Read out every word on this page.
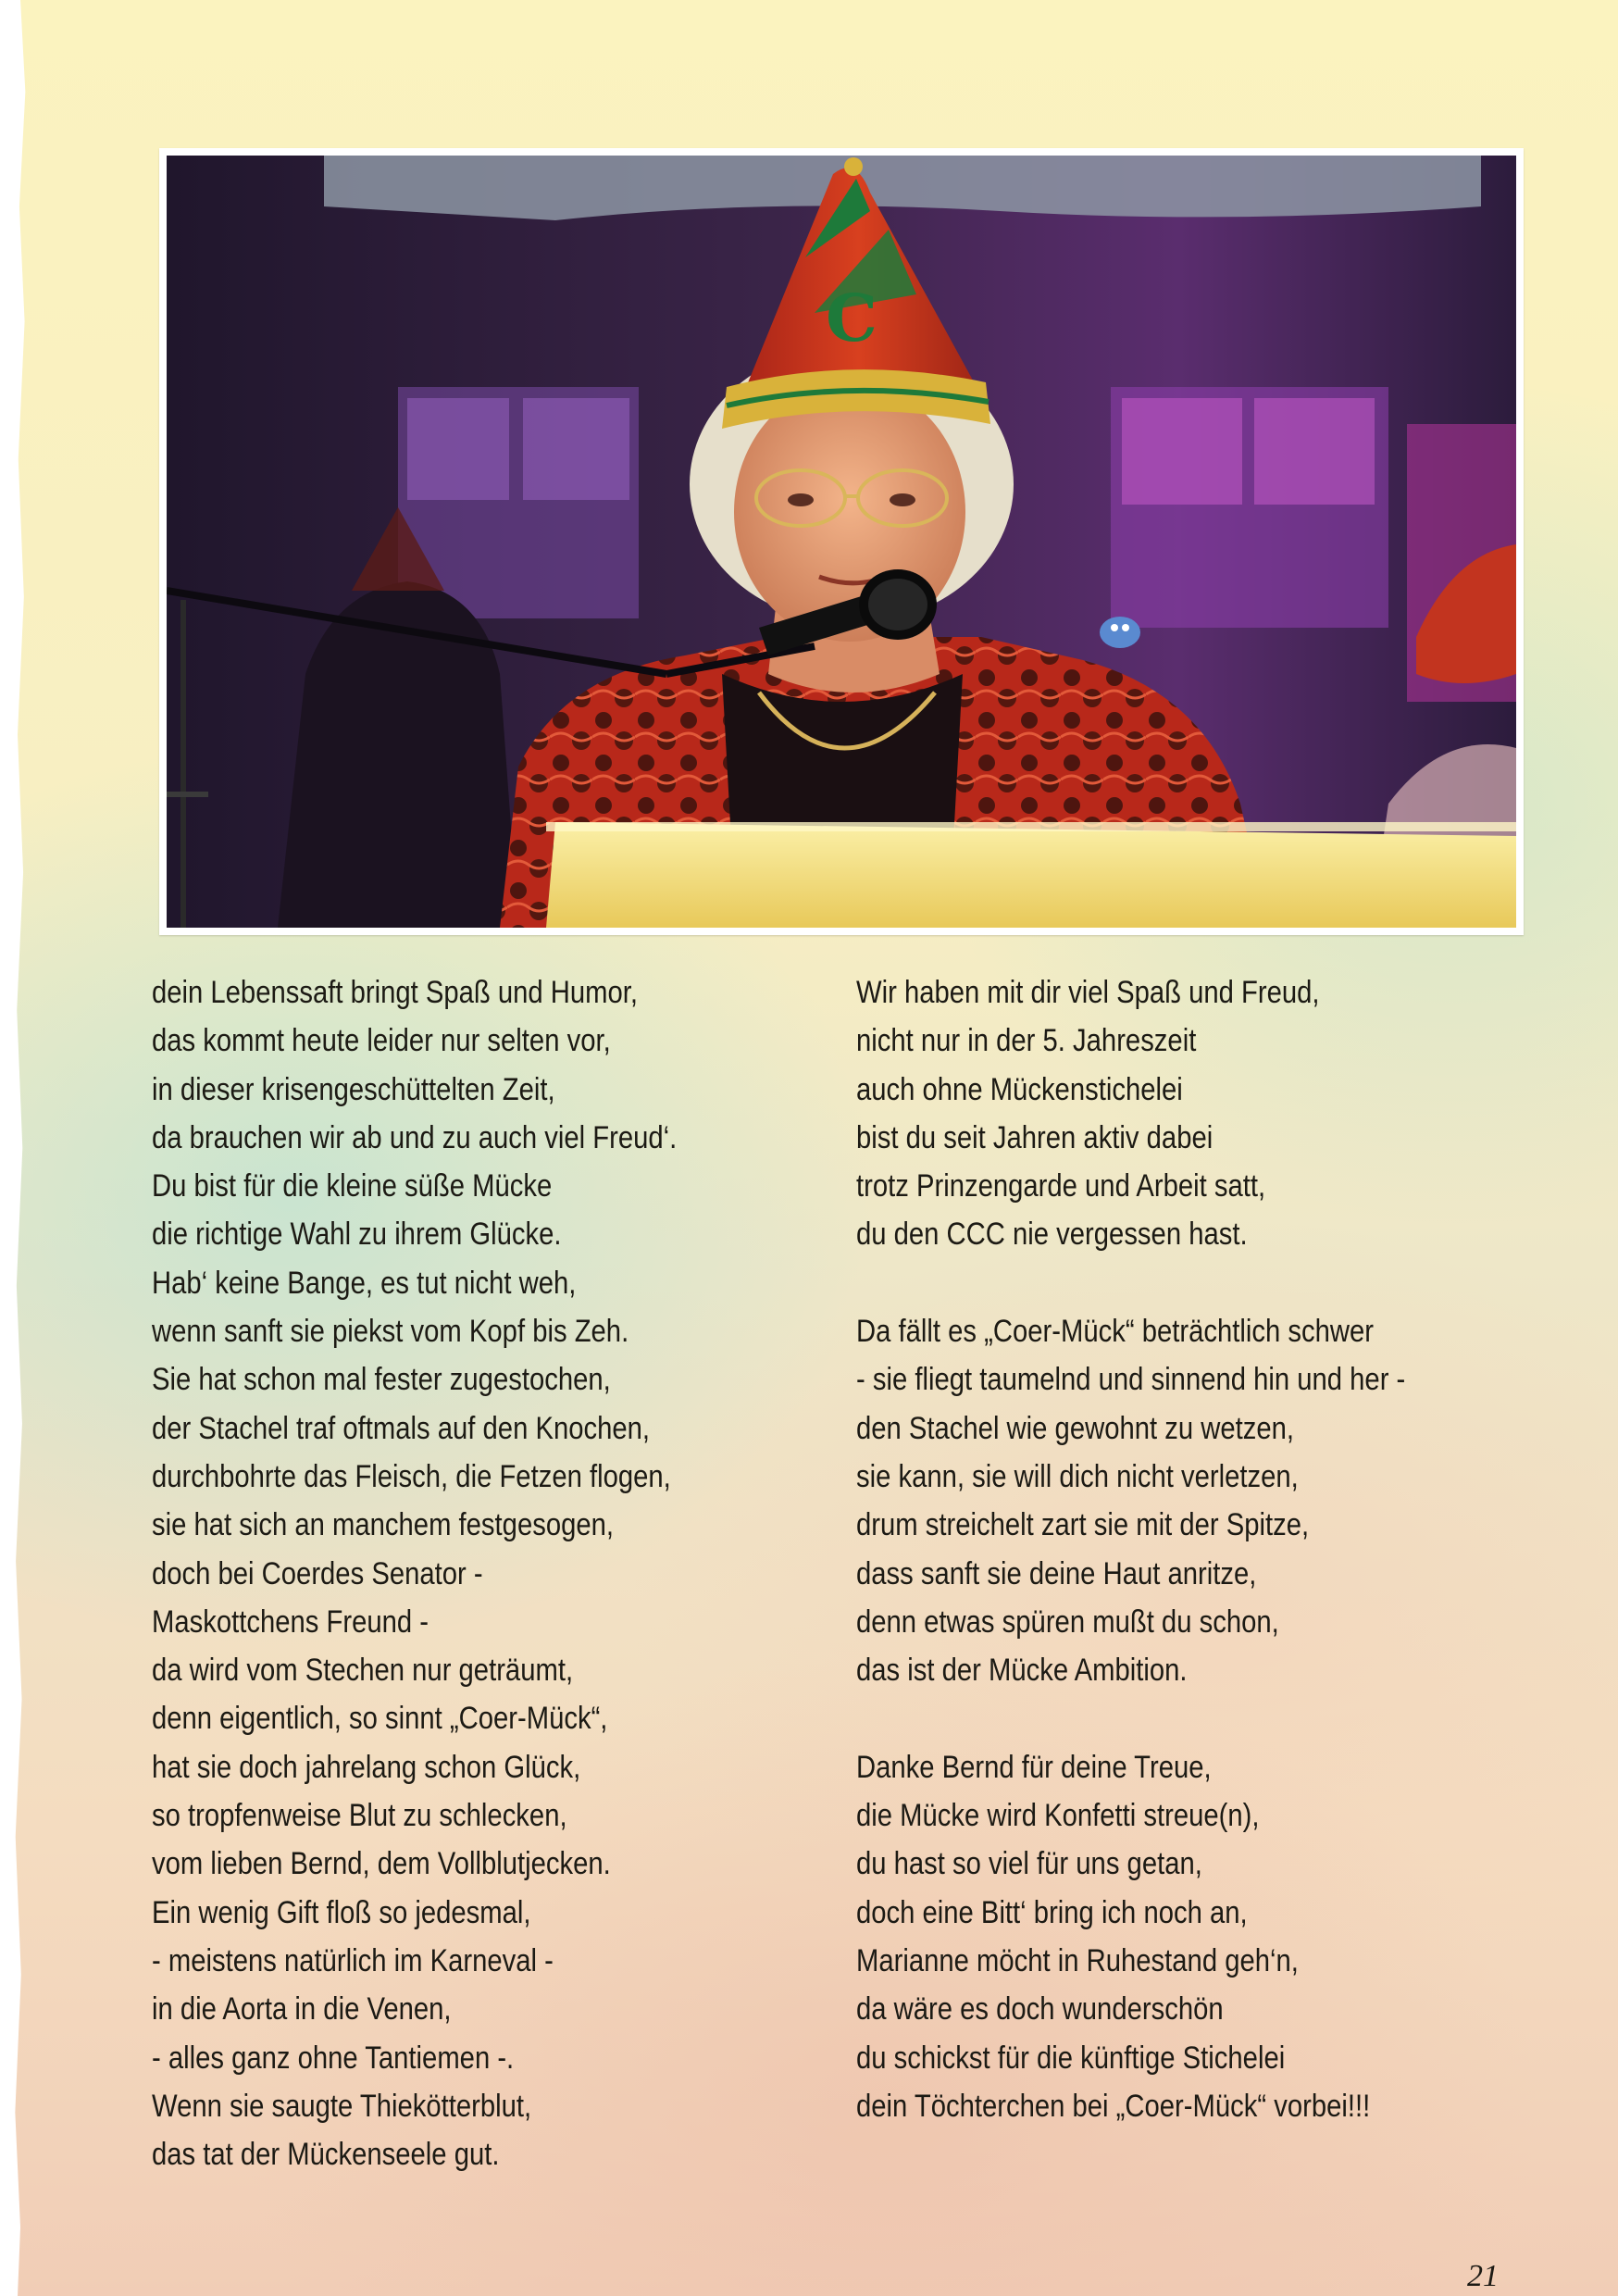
C
dein Lebenssaft bringt Spaß und Humor,
das kommt heute leider nur selten vor,
in dieser krisengeschüttelten Zeit,
da brauchen wir ab und zu auch viel Freud‘.
Du bist für die kleine süße Mücke
die richtige Wahl zu ihrem Glücke.
Hab‘ keine Bange, es tut nicht weh,
wenn sanft sie piekst vom Kopf bis Zeh.
Sie hat schon mal fester zugestochen,
der Stachel traf oftmals auf den Knochen,
durchbohrte das Fleisch, die Fetzen flogen,
sie hat sich an manchem festgesogen,
doch bei Coerdes Senator -
Maskottchens Freund -
da wird vom Stechen nur geträumt,
denn eigentlich, so sinnt „Coer-Mück“,
hat sie doch jahrelang schon Glück,
so tropfenweise Blut zu schlecken,
vom lieben Bernd, dem Vollblutjecken.
Ein wenig Gift floß so jedesmal,
- meistens natürlich im Karneval -
in die Aorta in die Venen,
- alles ganz ohne Tantiemen -.
Wenn sie saugte Thiekötterblut,
das tat der Mückenseele gut.
Wir haben mit dir viel Spaß und Freud,
nicht nur in der 5. Jahreszeit
auch ohne Mückenstichelei
bist du seit Jahren aktiv dabei
trotz Prinzengarde und Arbeit satt,
du den CCC nie vergessen hast.
Da fällt es „Coer-Mück“ beträchtlich schwer
- sie fliegt taumelnd und sinnend hin und her -
den Stachel wie gewohnt zu wetzen,
sie kann, sie will dich nicht verletzen,
drum streichelt zart sie mit der Spitze,
dass sanft sie deine Haut anritze,
denn etwas spüren mußt du schon,
das ist der Mücke Ambition.
Danke Bernd für deine Treue,
die Mücke wird Konfetti streue(n),
du hast so viel für uns getan,
doch eine Bitt‘ bring ich noch an,
Marianne möcht in Ruhestand geh‘n,
da wäre es doch wunderschön
du schickst für die künftige Stichelei
dein Töchterchen bei „Coer-Mück“ vorbei!!!
21
